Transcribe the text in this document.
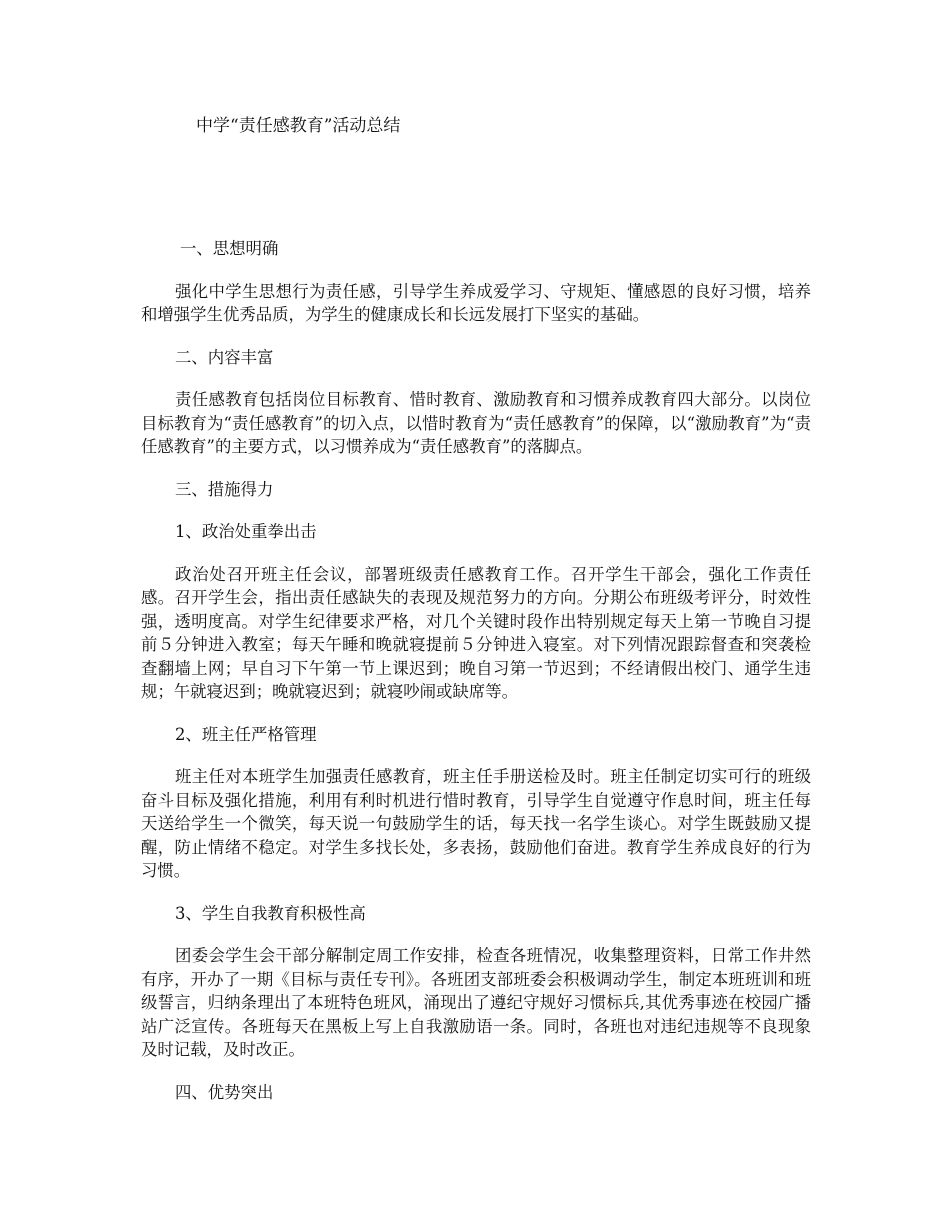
中学“责任感教育”活动总结
一、思想明确
强化中学生思想行为责任感，引导学生养成爱学习、守规矩、懂感恩的良好习惯，培养和增强学生优秀品质，为学生的健康成长和长远发展打下坚实的基础。
二、内容丰富
责任感教育包括岗位目标教育、惜时教育、激励教育和习惯养成教育四大部分。以岗位目标教育为“责任感教育”的切入点，以惜时教育为“责任感教育”的保障，以“激励教育”为“责任感教育”的主要方式，以习惯养成为“责任感教育”的落脚点。
三、措施得力
1、政治处重拳出击
政治处召开班主任会议，部署班级责任感教育工作。召开学生干部会，强化工作责任感。召开学生会，指出责任感缺失的表现及规范努力的方向。分期公布班级考评分，时效性强，透明度高。对学生纪律要求严格，对几个关键时段作出特别规定每天上第一节晚自习提前５分钟进入教室；每天午睡和晚就寝提前５分钟进入寝室。对下列情况跟踪督查和突袭检查翻墙上网；早自习下午第一节上课迟到；晚自习第一节迟到；不经请假出校门、通学生违规；午就寝迟到；晚就寝迟到；就寝吵闹或缺席等。
2、班主任严格管理
班主任对本班学生加强责任感教育，班主任手册送检及时。班主任制定切实可行的班级奋斗目标及强化措施，利用有利时机进行惜时教育，引导学生自觉遵守作息时间，班主任每天送给学生一个微笑，每天说一句鼓励学生的话，每天找一名学生谈心。对学生既鼓励又提醒，防止情绪不稳定。对学生多找长处，多表扬，鼓励他们奋进。教育学生养成良好的行为习惯。
3、学生自我教育积极性高
团委会学生会干部分解制定周工作安排，检查各班情况，收集整理资料，日常工作井然有序，开办了一期《目标与责任专刊》。各班团支部班委会积极调动学生，制定本班班训和班级誓言，归纳条理出了本班特色班风，涌现出了遵纪守规好习惯标兵,其优秀事迹在校园广播站广泛宣传。各班每天在黑板上写上自我激励语一条。同时，各班也对违纪违规等不良现象及时记载，及时改正。
四、优势突出
